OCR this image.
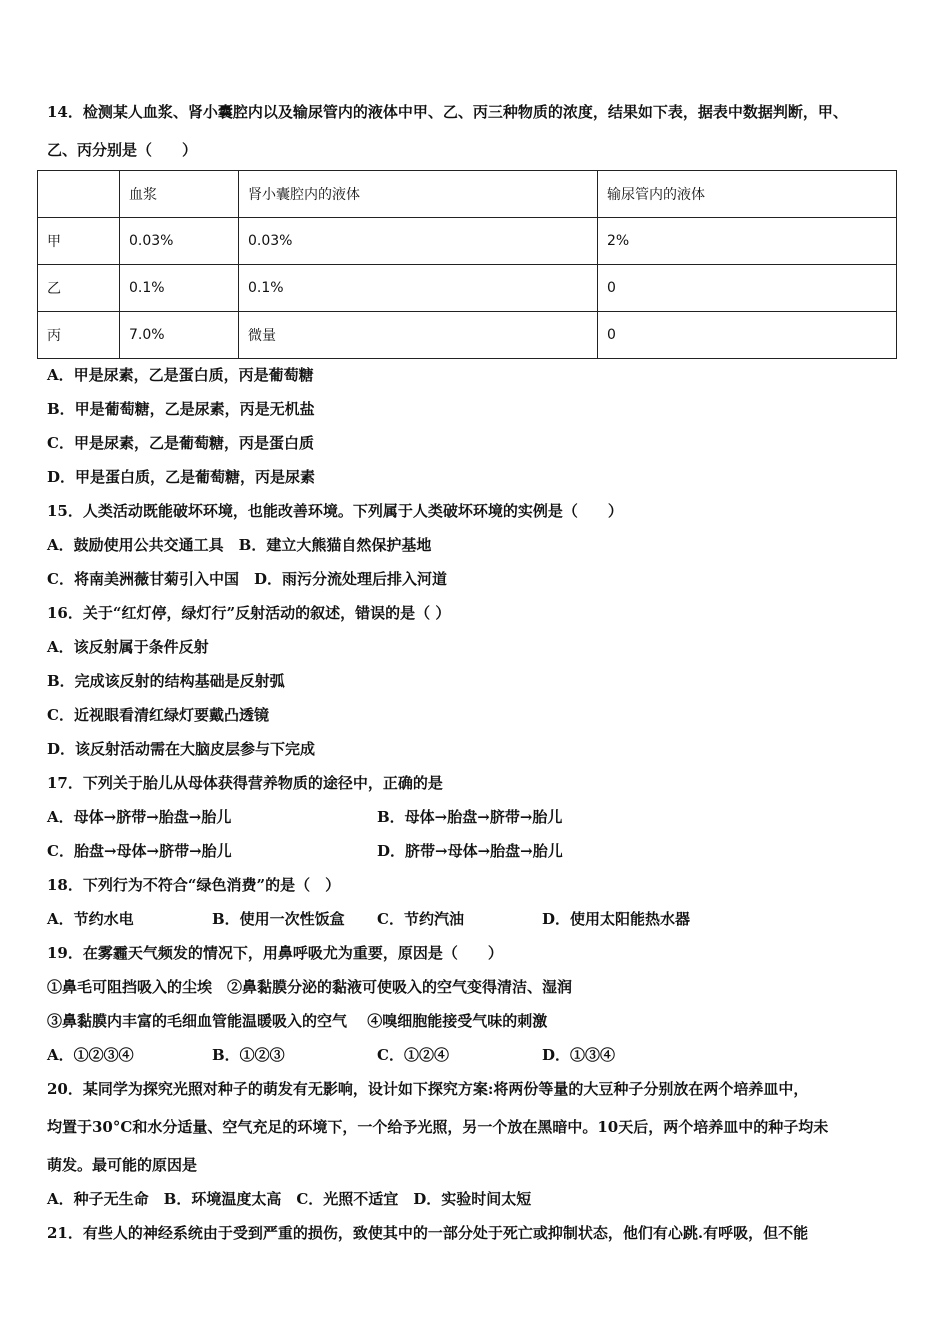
14．检测某人血浆、肾小囊腔内以及输尿管内的液体中甲、乙、丙三种物质的浓度，结果如下表，据表中数据判断，甲、
乙、丙分别是（　　）
	血浆	肾小囊腔内的液体	输尿管内的液体
甲	0.03%	0.03%	2%
乙	0.1%	0.1%	0
丙	7.0%	微量	0
A．甲是尿素，乙是蛋白质，丙是葡萄糖
B．甲是葡萄糖，乙是尿素，丙是无机盐
C．甲是尿素，乙是葡萄糖，丙是蛋白质
D．甲是蛋白质，乙是葡萄糖，丙是尿素
15．人类活动既能破坏环境，也能改善环境。下列属于人类破坏环境的实例是（　　）
A．鼓励使用公共交通工具　B．建立大熊猫自然保护基地
C．将南美洲薇甘菊引入中国　D．雨污分流处理后排入河道
16．关于“红灯停，绿灯行”反射活动的叙述，错误的是（ ）
A．该反射属于条件反射
B．完成该反射的结构基础是反射弧
C．近视眼看清红绿灯要戴凸透镜
D．该反射活动需在大脑皮层参与下完成
17．下列关于胎儿从母体获得营养物质的途径中，正确的是
A．母体→脐带→胎盘→胎儿	B．母体→胎盘→脐带→胎儿
C．胎盘→母体→脐带→胎儿	D．脐带→母体→胎盘→胎儿
18．下列行为不符合“绿色消费”的是（　）
A．节约水电	B．使用一次性饭盒 C．节约汽油	D．使用太阳能热水器
19．在雾霾天气频发的情况下，用鼻呼吸尤为重要，原因是（　　）
①鼻毛可阻挡吸入的尘埃　②鼻黏膜分泌的黏液可使吸入的空气变得清洁、湿润
③鼻黏膜内丰富的毛细血管能温暖吸入的空气　 ④嗅细胞能接受气味的刺激
A．①②③④	B．①②③	C．①②④	D．①③④
20．某同学为探究光照对种子的萌发有无影响，设计如下探究方案:将两份等量的大豆种子分别放在两个培养皿中，
均置于30°C和水分适量、空气充足的环境下，一个给予光照，另一个放在黑暗中。10天后，两个培养皿中的种子均未
萌发。最可能的原因是
A．种子无生命　B．环境温度太高　C．光照不适宜　D．实验时间太短
21．有些人的神经系统由于受到严重的损伤，致使其中的一部分处于死亡或抑制状态，他们有心跳.有呼吸，但不能
